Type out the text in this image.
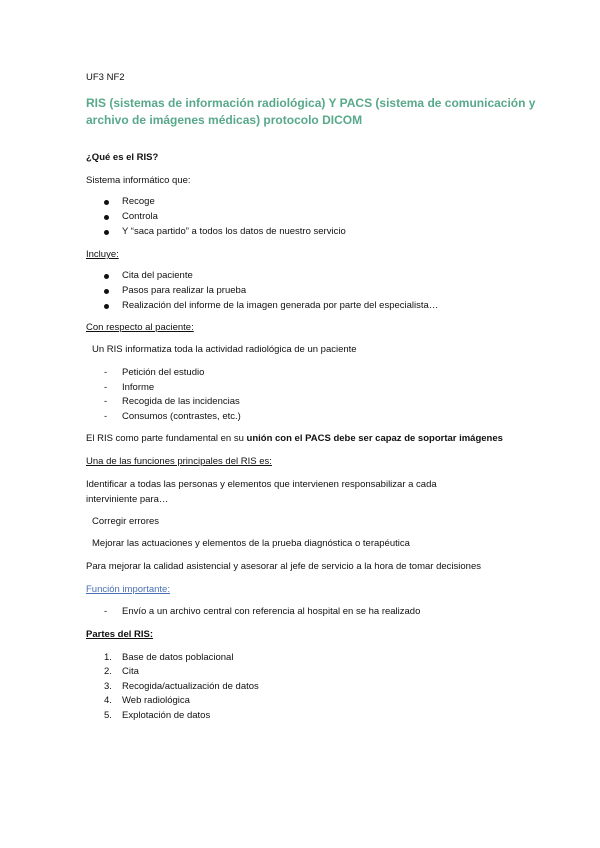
UF3 NF2
RIS (sistemas de información radiológica) Y PACS (sistema de comunicación y
archivo de imágenes médicas) protocolo DICOM
¿Qué es el RIS?
Sistema informático que:
Recoge
Controla
Y “saca partido” a todos los datos de nuestro servicio
Incluye:
Cita del paciente
Pasos para realizar la prueba
Realización del informe de la imagen generada por parte del especialista…
Con respecto al paciente:
Un RIS informatiza toda la actividad radiológica de un paciente
-	Petición del estudio
-	Informe
-	Recogida de las incidencias
-	Consumos (contrastes, etc.)
El RIS como parte fundamental en su unión con el PACS debe ser capaz de soportar imágenes
Una de las funciones principales del RIS es:
Identificar a todas las personas y elementos que intervienen responsabilizar a cada
interviniente para…
Corregir errores
Mejorar las actuaciones y elementos de la prueba diagnóstica o terapéutica
Para mejorar la calidad asistencial y asesorar al jefe de servicio a la hora de tomar decisiones
Función importante:
-	Envío a un archivo central con referencia al hospital en se ha realizado
Partes del RIS:
1.	Base de datos poblacional
2.	Cita
3.	Recogida/actualización de datos
4.	Web radiológica
5.	Explotación de datos
